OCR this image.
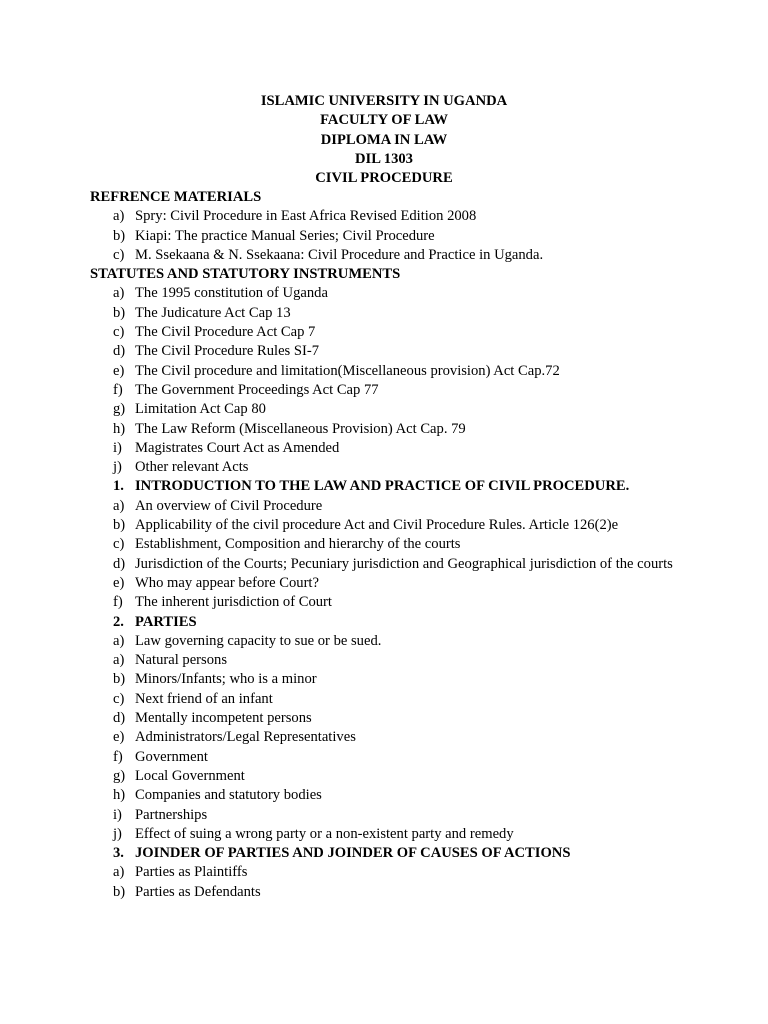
ISLAMIC UNIVERSITY IN UGANDA
FACULTY OF LAW
DIPLOMA IN LAW
DIL 1303
CIVIL PROCEDURE
REFRENCE MATERIALS
a) Spry: Civil Procedure in East Africa Revised Edition 2008
b) Kiapi: The practice Manual Series; Civil Procedure
c) M. Ssekaana & N. Ssekaana: Civil Procedure and Practice in Uganda.
STATUTES AND STATUTORY INSTRUMENTS
a) The 1995 constitution of Uganda
b) The Judicature Act Cap 13
c) The Civil Procedure Act Cap 7
d) The Civil Procedure Rules SI-7
e) The Civil procedure and limitation(Miscellaneous provision) Act Cap.72
f) The Government Proceedings Act Cap 77
g) Limitation Act Cap 80
h) The Law Reform (Miscellaneous Provision) Act Cap. 79
i) Magistrates Court Act as Amended
j) Other relevant Acts
1. INTRODUCTION TO THE LAW AND PRACTICE OF CIVIL PROCEDURE.
a) An overview of Civil Procedure
b) Applicability of the civil procedure Act and Civil Procedure Rules. Article 126(2)e
c) Establishment, Composition and hierarchy of the courts
d) Jurisdiction of the Courts; Pecuniary jurisdiction and Geographical jurisdiction of the courts
e) Who may appear before Court?
f) The inherent jurisdiction of Court
2. PARTIES
a) Law governing capacity to sue or be sued.
a) Natural persons
b) Minors/Infants; who is a minor
c) Next friend of an infant
d) Mentally incompetent persons
e) Administrators/Legal Representatives
f) Government
g) Local Government
h) Companies and statutory bodies
i) Partnerships
j) Effect of suing a wrong party or a non-existent party and remedy
3. JOINDER OF PARTIES AND JOINDER OF CAUSES OF ACTIONS
a) Parties as Plaintiffs
b) Parties as Defendants
